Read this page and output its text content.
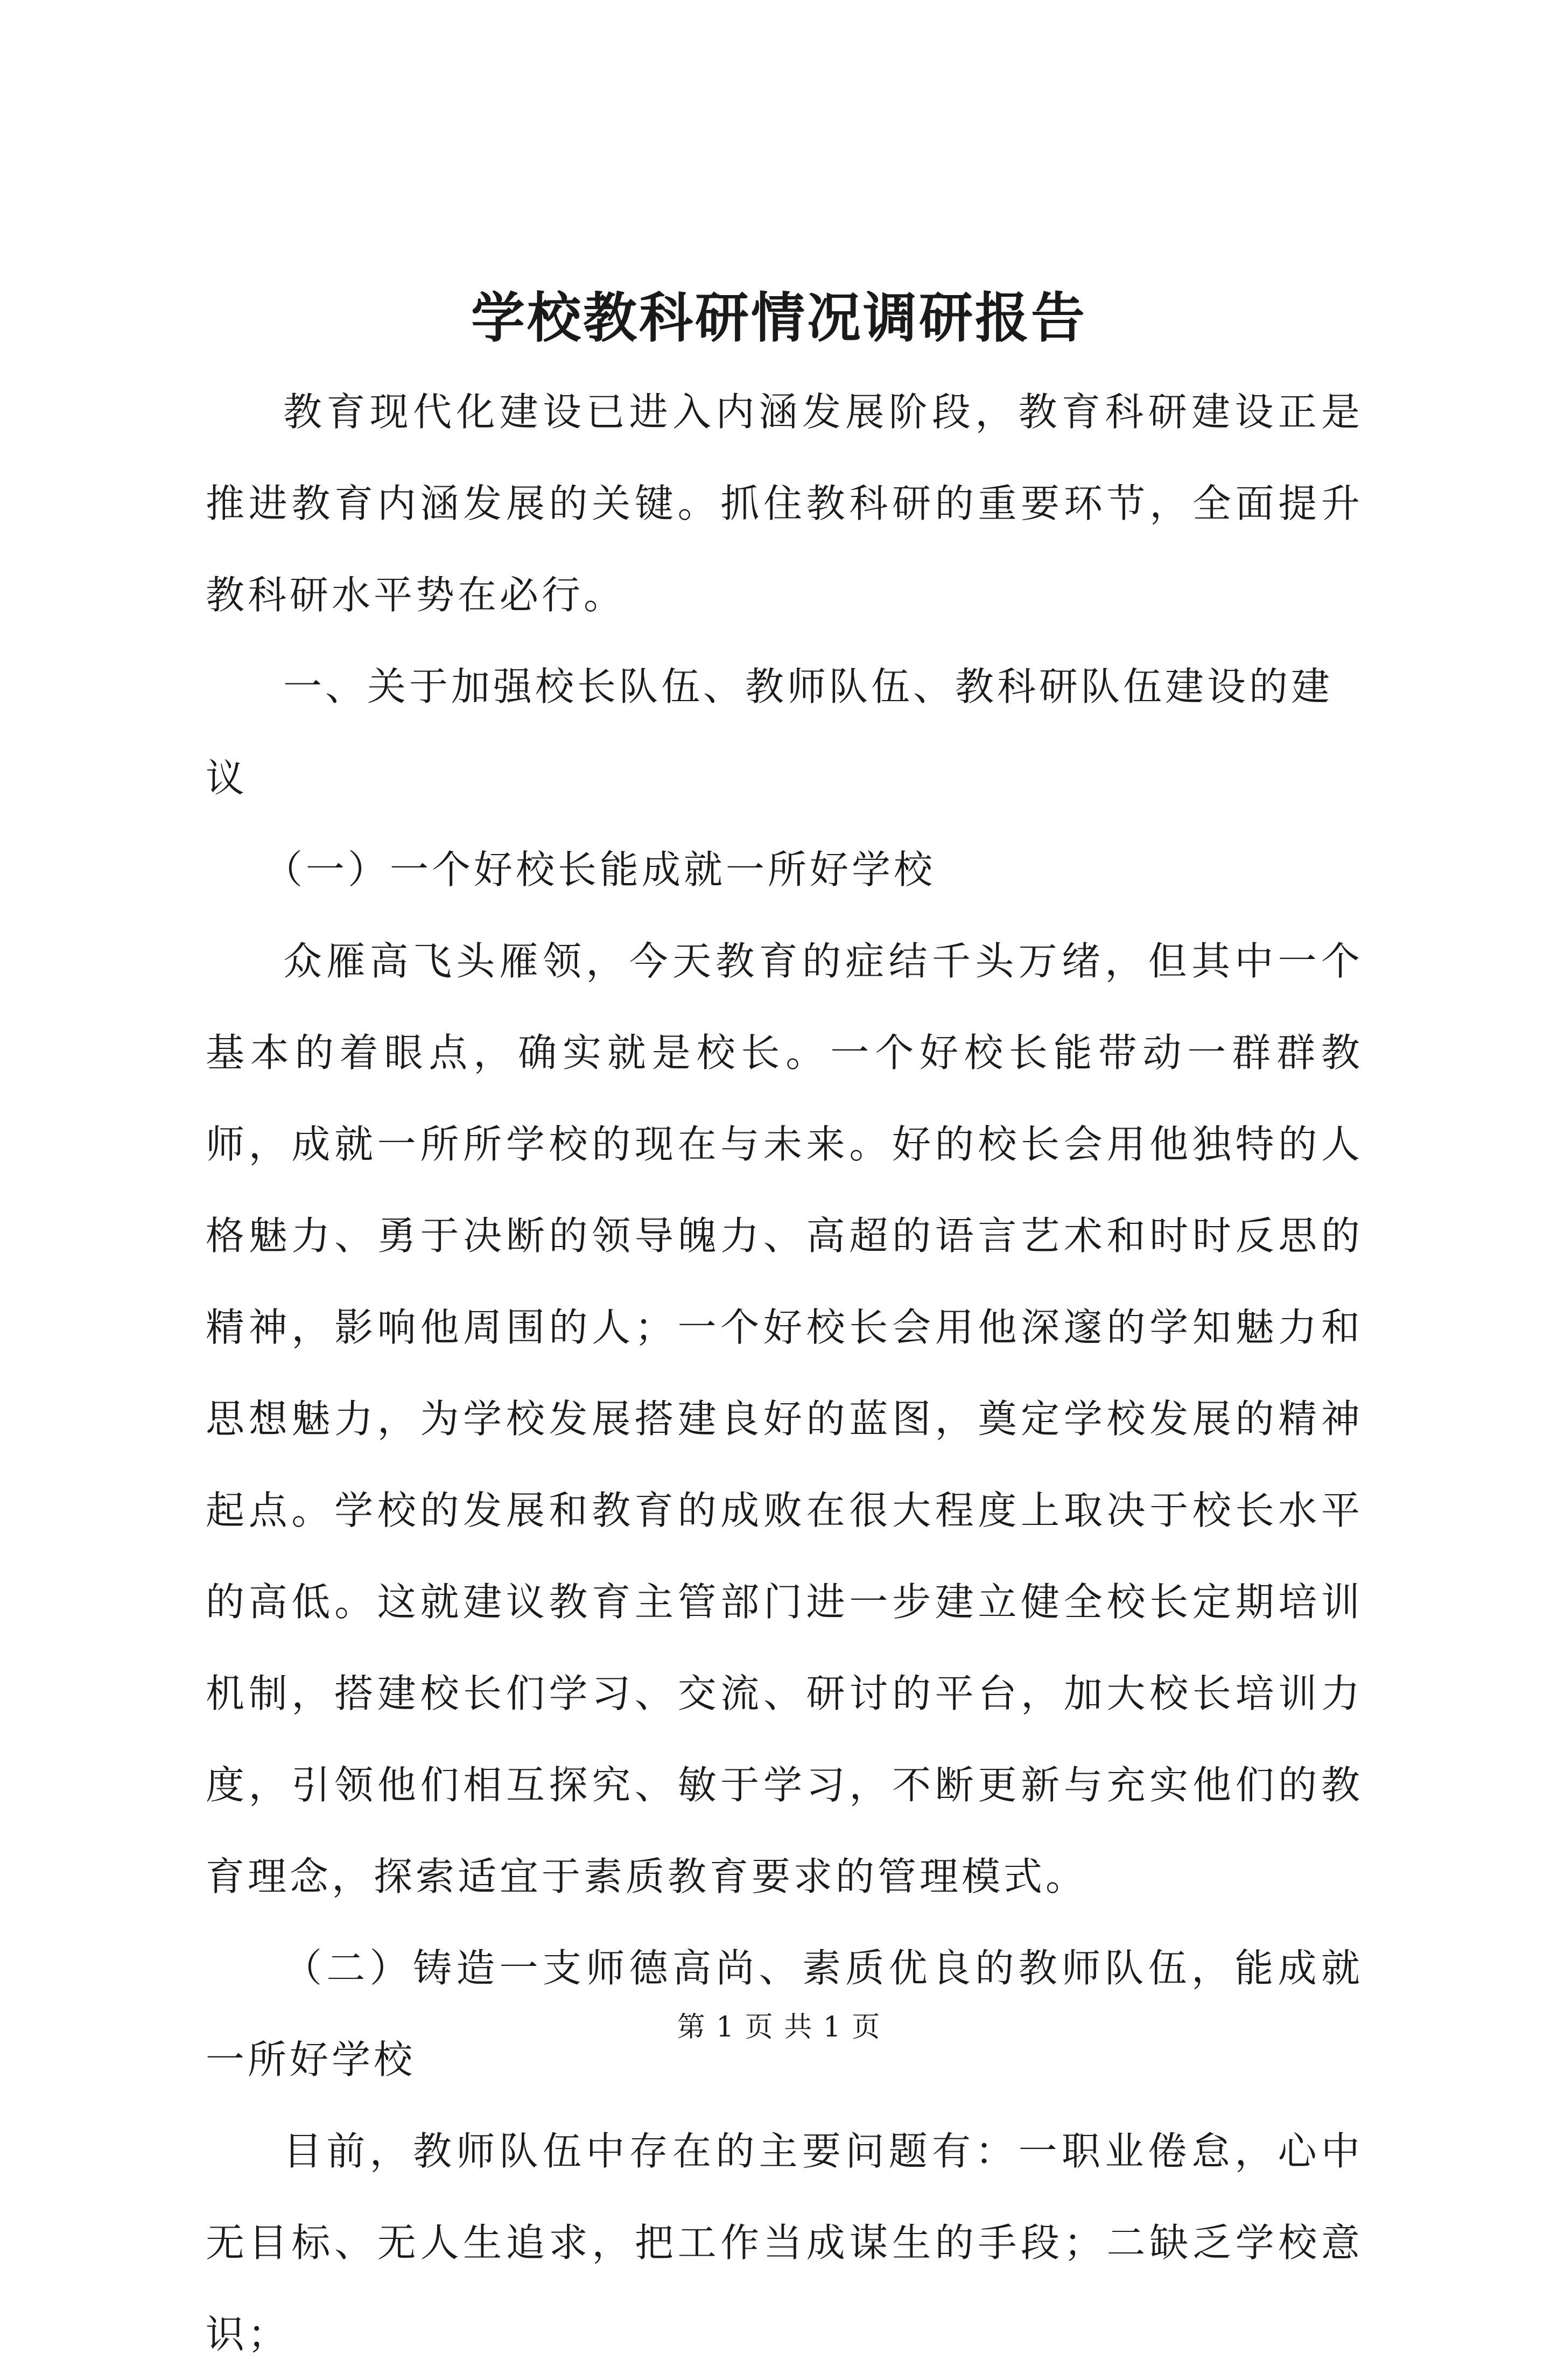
学校教科研情况调研报告

教育现代化建设已进入内涵发展阶段，教育科研建设正是推进教育内涵发展的关键。抓住教科研的重要环节，全面提升教科研水平势在必行。

一、关于加强校长队伍、教师队伍、教科研队伍建设的建议

（一）一个好校长能成就一所好学校

众雁高飞头雁领，今天教育的症结千头万绪，但其中一个基本的着眼点，确实就是校长。一个好校长能带动一群群教师，成就一所所学校的现在与未来。好的校长会用他独特的人格魅力、勇于决断的领导魄力、高超的语言艺术和时时反思的精神，影响他周围的人；一个好校长会用他深邃的学知魅力和思想魅力，为学校发展搭建良好的蓝图，奠定学校发展的精神起点。学校的发展和教育的成败在很大程度上取决于校长水平的高低。这就建议教育主管部门进一步建立健全校长定期培训机制，搭建校长们学习、交流、研讨的平台，加大校长培训力度，引领他们相互探究、敏于学习，不断更新与充实他们的教育理念，探索适宜于素质教育要求的管理模式。

（二）铸造一支师德高尚、素质优良的教师队伍，能成就一所好学校

目前，教师队伍中存在的主要问题有：一职业倦怠，心中无目标、无人生追求，把工作当成谋生的手段；二缺乏学校意识；

第 1 页 共 1 页
